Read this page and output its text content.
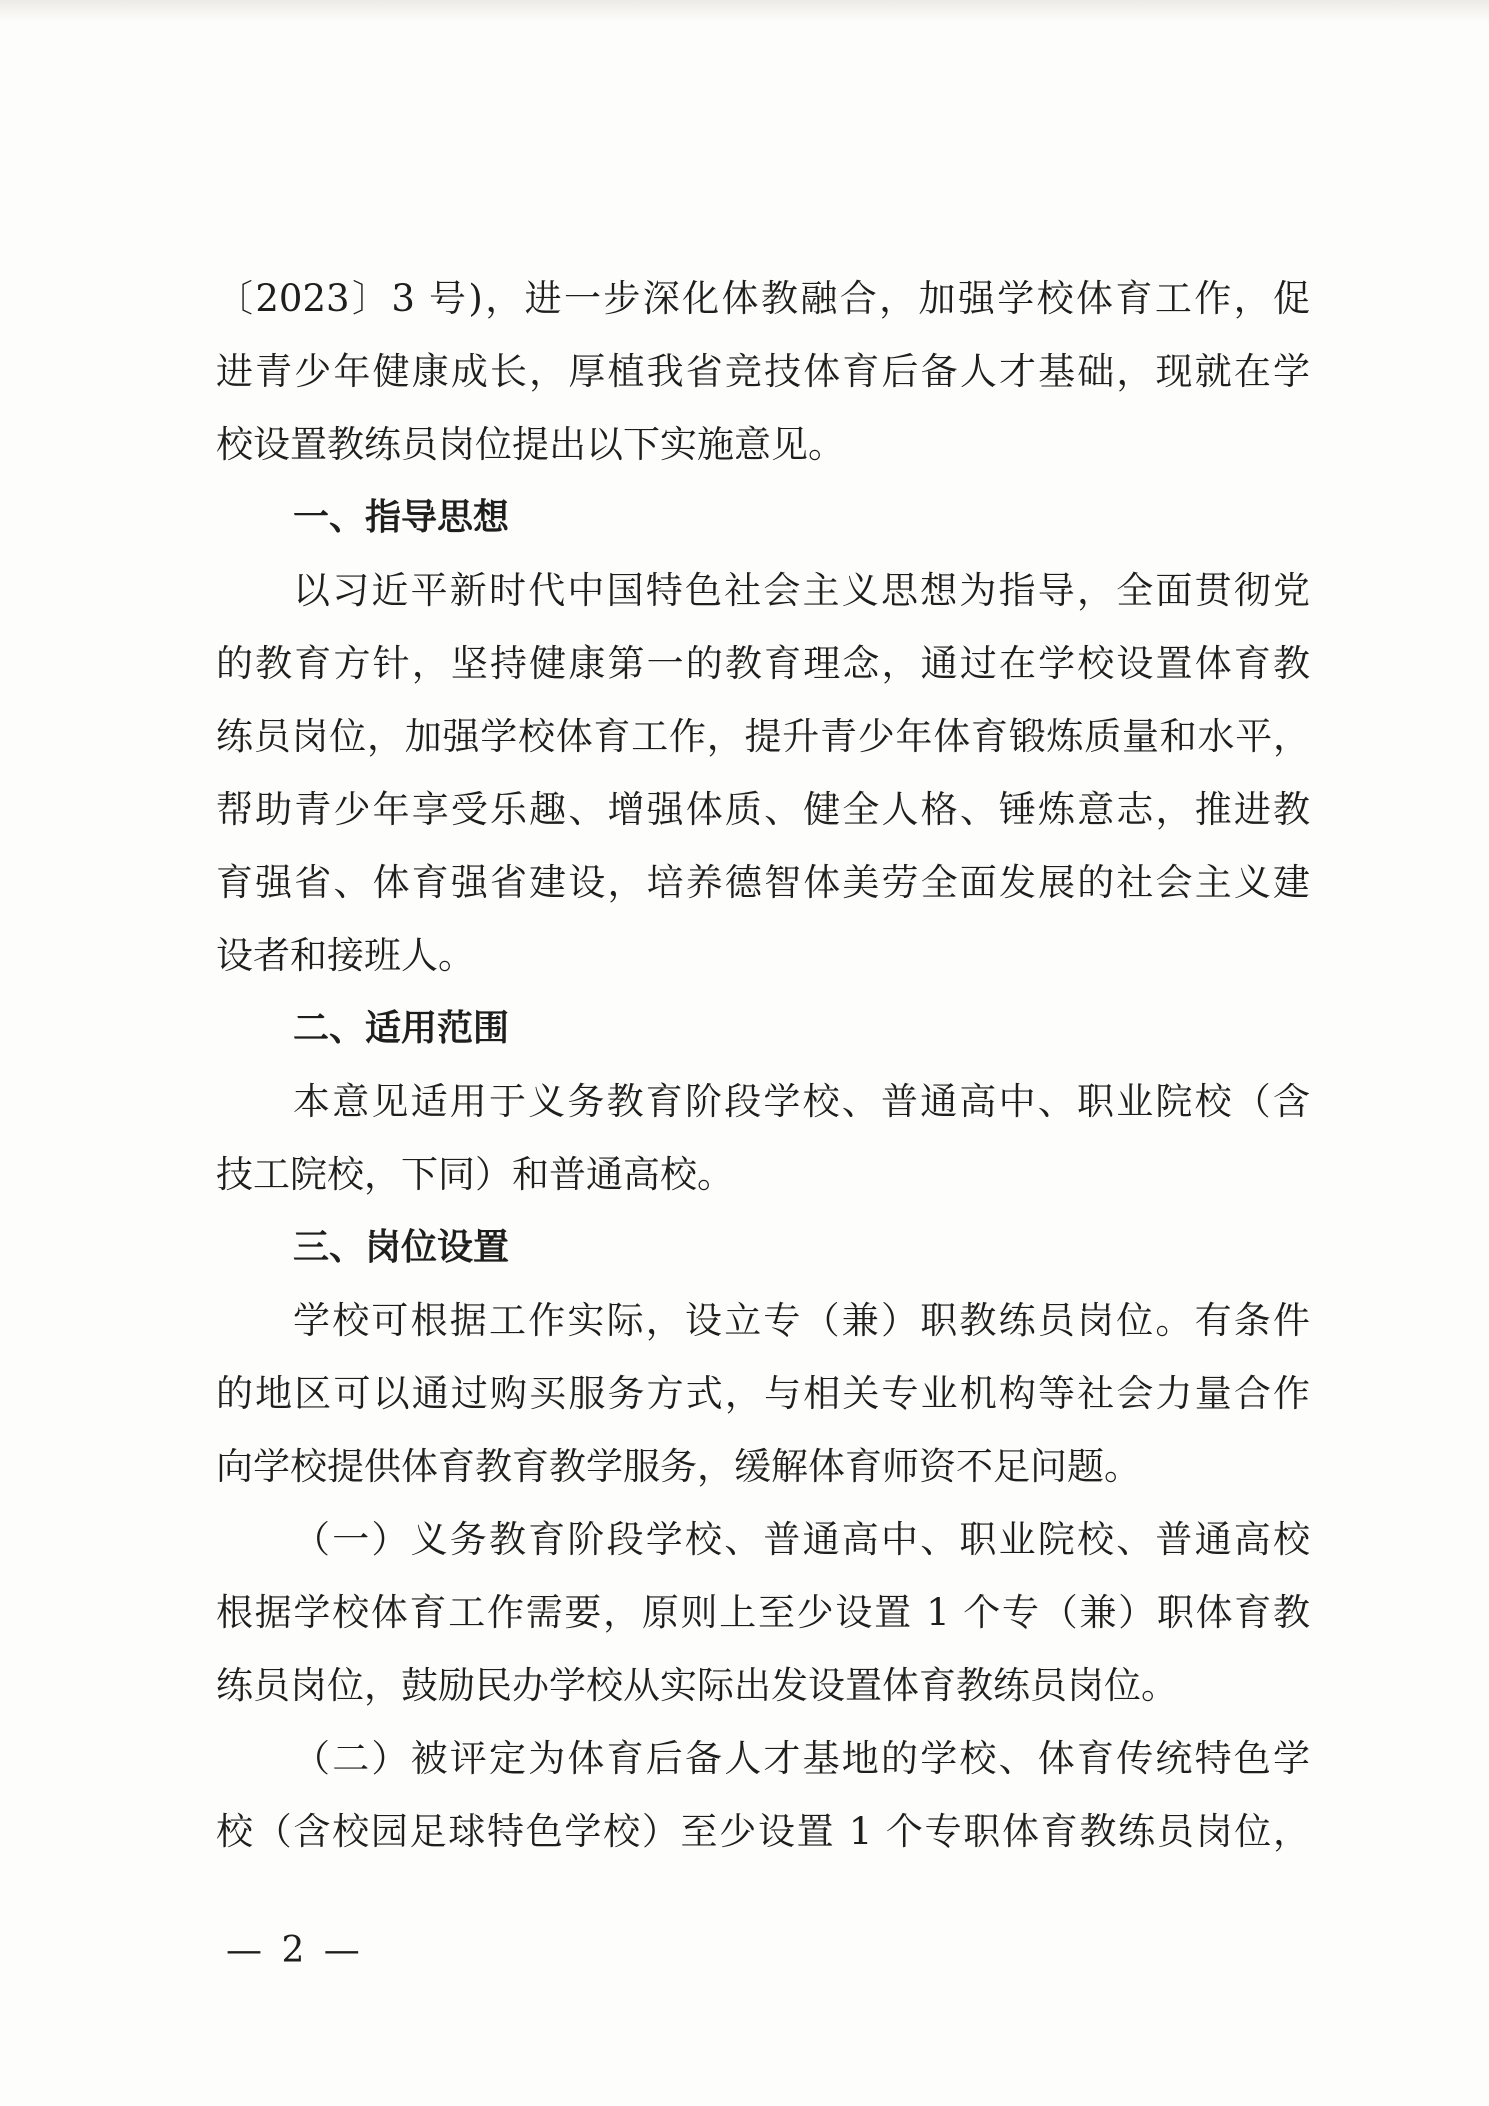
〔2023〕3 号)，进一步深化体教融合，加强学校体育工作，促
进青少年健康成长，厚植我省竞技体育后备人才基础，现就在学
校设置教练员岗位提出以下实施意见。
一、指导思想
以习近平新时代中国特色社会主义思想为指导，全面贯彻党
的教育方针，坚持健康第一的教育理念，通过在学校设置体育教
练员岗位，加强学校体育工作，提升青少年体育锻炼质量和水平，
帮助青少年享受乐趣、增强体质、健全人格、锤炼意志，推进教
育强省、体育强省建设，培养德智体美劳全面发展的社会主义建
设者和接班人。
二、适用范围
本意见适用于义务教育阶段学校、普通高中、职业院校（含
技工院校，下同）和普通高校。
三、岗位设置
学校可根据工作实际，设立专（兼）职教练员岗位。有条件
的地区可以通过购买服务方式，与相关专业机构等社会力量合作
向学校提供体育教育教学服务，缓解体育师资不足问题。
（一）义务教育阶段学校、普通高中、职业院校、普通高校
根据学校体育工作需要，原则上至少设置 1 个专（兼）职体育教
练员岗位，鼓励民办学校从实际出发设置体育教练员岗位。
（二）被评定为体育后备人才基地的学校、体育传统特色学
校（含校园足球特色学校）至少设置 1 个专职体育教练员岗位，
— 2 —
